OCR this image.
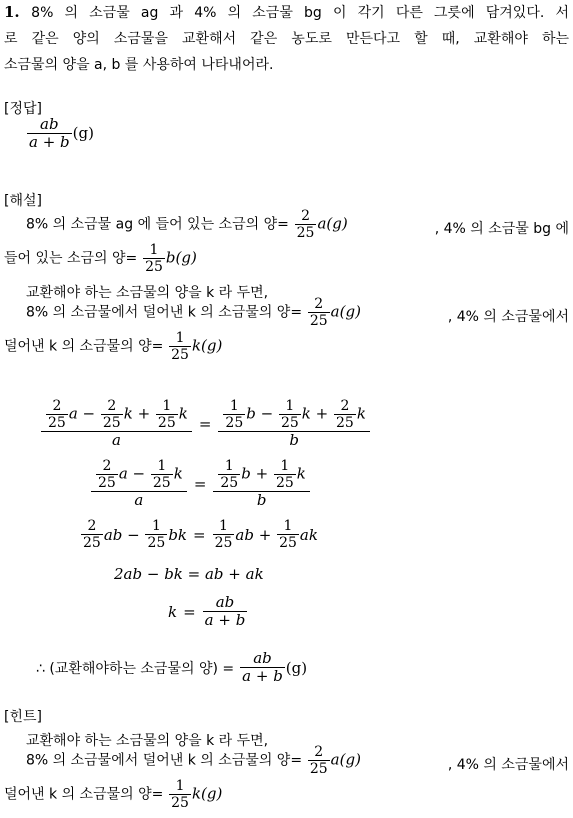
1. 8% 의 소금물 ag 과 4% 의 소금물 bg 이 각기 다른 그릇에 담겨있다. 서
로 같은 양의 소금물을 교환해서 같은 농도로 만든다고 할 때, 교환해야 하는
소금물의 양을 a, b 를 사용하여 나타내어라.
[정답]
$\frac{ab}{a + b} (g)$
[해설]
8% 의 소금물 ag 에 들어 있는 소금의 양= $\frac{2}{25} a(g)$	, 4% 의 소금물 bg 에
들어 있는 소금의 양= $\frac{1}{25} b(g)$
교환해야 하는 소금물의 양을 k 라 두면,
8% 의 소금물에서 덜어낸 k 의 소금물의 양= $\frac{2}{25} a(g)$	, 4% 의 소금물에서
덜어낸 k 의 소금물의 양= $\frac{1}{25} k(g)$
$\frac{\frac{2}{25} a - \frac{2}{25} k + \frac{1}{25} k}{a} = \frac{\frac{1}{25} b - \frac{1}{25} k + \frac{2}{25} k}{b}$
$\frac{\frac{2}{25} a - \frac{1}{25} k}{a} = \frac{\frac{1}{25} b + \frac{1}{25} k}{b}$
$\frac{2}{25}$ ab − $\frac{1}{25}$ bk = $\frac{1}{25}$ ab + $\frac{1}{25}$ ak
2ab − bk = ab + ak
$k = \frac{ab}{a + b}$
∴ (교환해야하는 소금물의 양) = $\frac{ab}{a + b} (g)$
[힌트]
교환해야 하는 소금물의 양을 k 라 두면,
8% 의 소금물에서 덜어낸 k 의 소금물의 양= $\frac{2}{25} a(g)$	, 4% 의 소금물에서
덜어낸 k 의 소금물의 양= $\frac{1}{25} k(g)$
